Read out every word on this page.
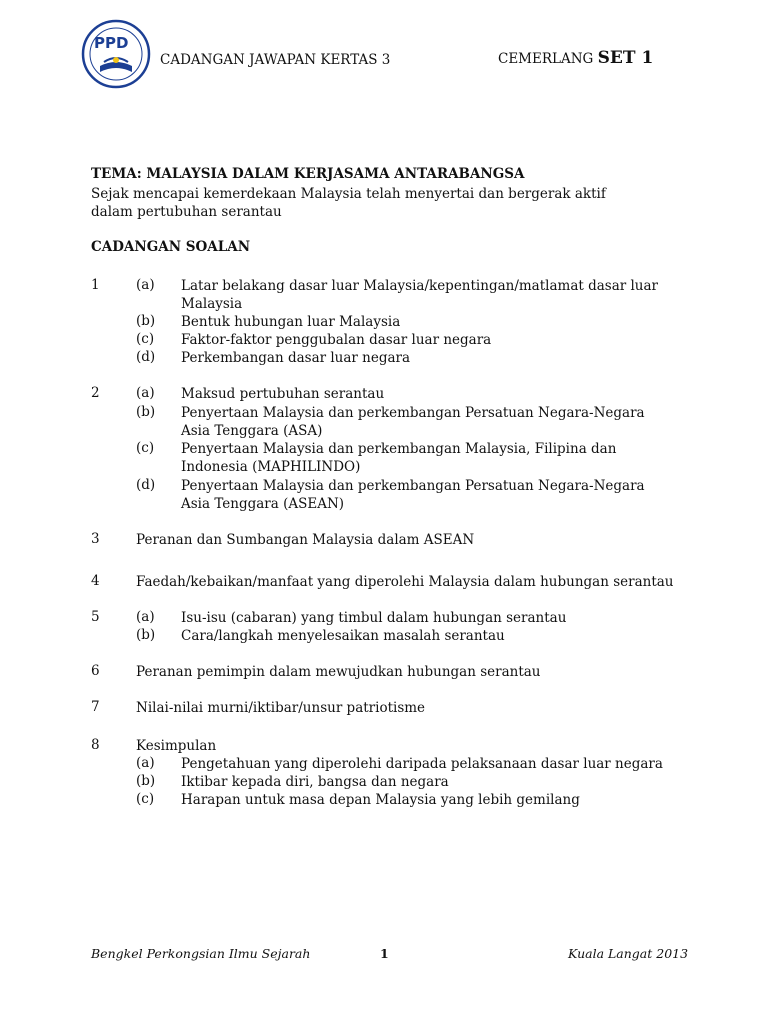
PPD
CADANGAN JAWAPAN KERTAS 3	CEMERLANG SET 1
TEMA: MALAYSIA DALAM KERJASAMA ANTARABANGSA
Sejak mencapai kemerdekaan Malaysia telah menyertai dan bergerak aktif dalam pertubuhan serantau
CADANGAN SOALAN
1	(a) Latar belakang dasar luar Malaysia/kepentingan/matlamat dasar luar Malaysia
(b) Bentuk hubungan luar Malaysia
(c) Faktor-faktor penggubalan dasar luar negara
(d) Perkembangan dasar luar negara
2	(a) Maksud pertubuhan serantau
(b) Penyertaan Malaysia dan perkembangan Persatuan Negara-Negara Asia Tenggara (ASA)
(c) Penyertaan Malaysia dan perkembangan Malaysia, Filipina dan Indonesia (MAPHILINDO)
(d) Penyertaan Malaysia dan perkembangan Persatuan Negara-Negara Asia Tenggara (ASEAN)
3	Peranan dan Sumbangan Malaysia dalam ASEAN
4	Faedah/kebaikan/manfaat yang diperolehi Malaysia dalam hubungan serantau
5	(a) Isu-isu (cabaran) yang timbul dalam hubungan serantau
(b) Cara/langkah menyelesaikan masalah serantau
6	Peranan pemimpin dalam mewujudkan hubungan serantau
7	Nilai-nilai murni/iktibar/unsur patriotisme
8	Kesimpulan
(a) Pengetahuan yang diperolehi daripada pelaksanaan dasar luar negara
(b) Iktibar kepada diri, bangsa dan negara
(c) Harapan untuk masa depan Malaysia yang lebih gemilang
Bengkel Perkongsian Ilmu Sejarah	1	Kuala Langat 2013
